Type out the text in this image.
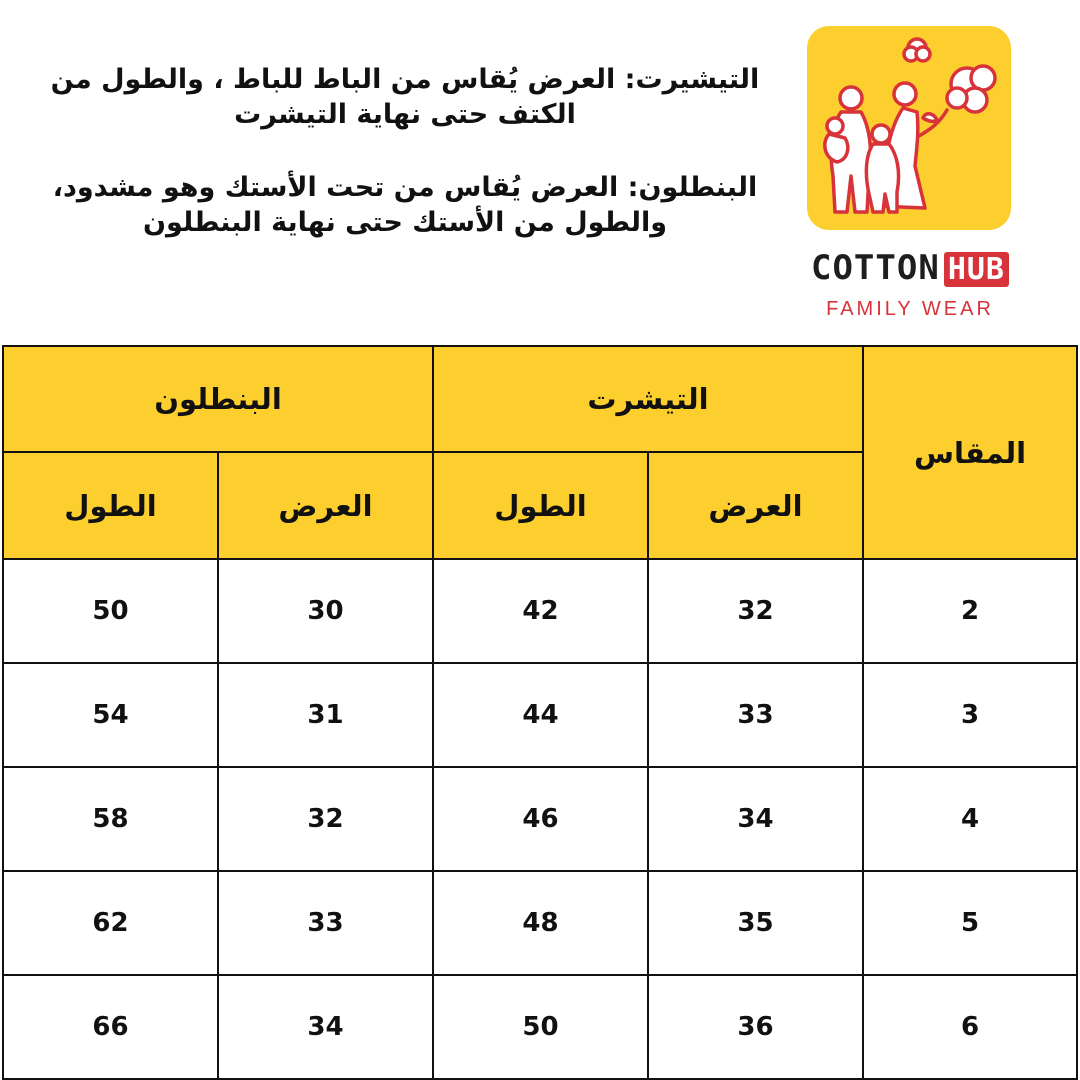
التيشيرت: العرض يُقاس من الباط للباط ، والطول من

الكتف حتى نهاية التيشرت

البنطلون: العرض يُقاس من تحت الأستك وهو مشدود،

والطول من الأستك حتى نهاية البنطلون

COTTON HUB
FAMILY WEAR
المقاس	التيشرت		البنطلون	
	العرض	الطول	العرض	الطول
2	32	42	30	50
3	33	44	31	54
4	34	46	32	58
5	35	48	33	62
6	36	50	34	66
